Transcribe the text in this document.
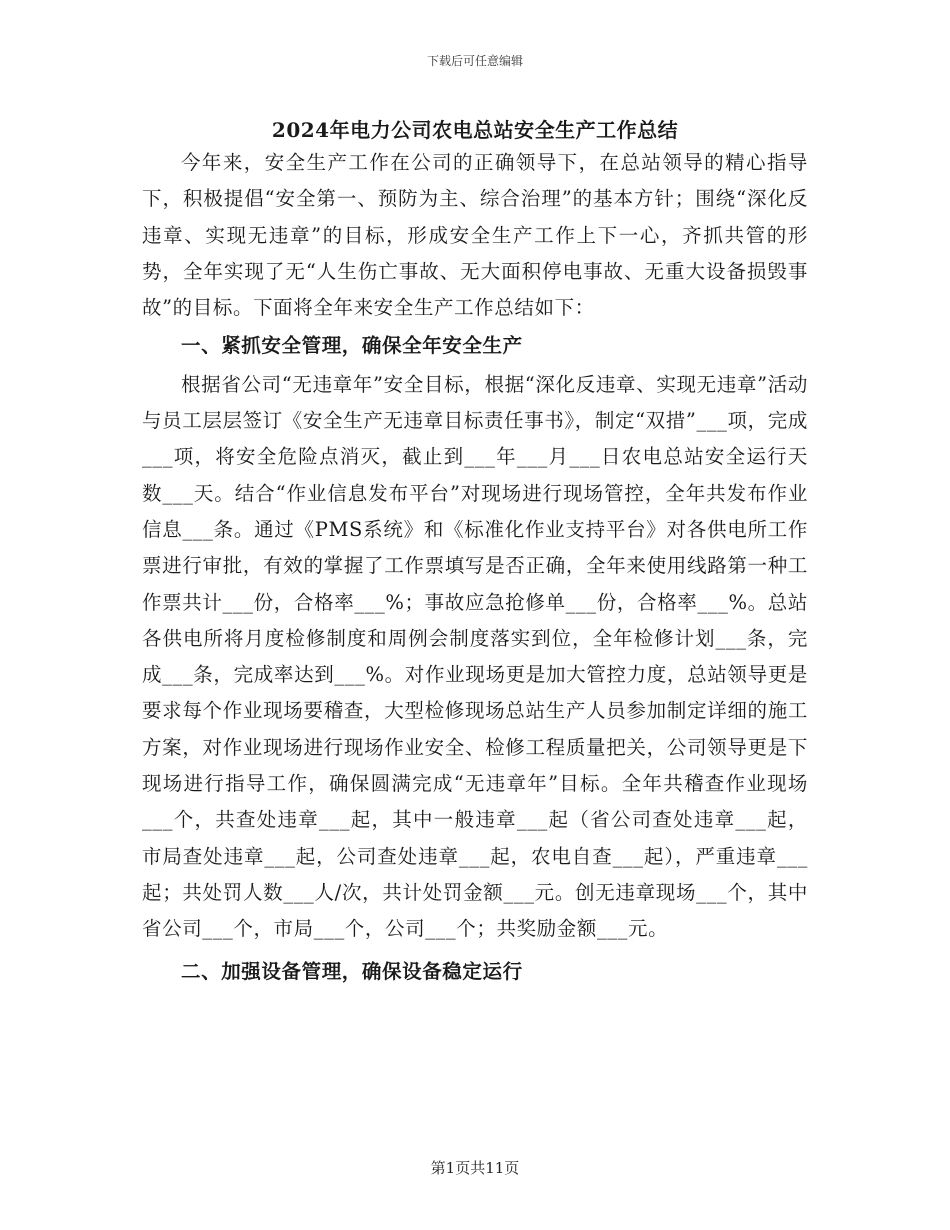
下载后可任意编辑
2024年电力公司农电总站安全生产工作总结

今年来，安全生产工作在公司的正确领导下，在总站领导的精心指导下，积极提倡“安全第一、预防为主、综合治理”的基本方针；围绕“深化反违章、实现无违章”的目标，形成安全生产工作上下一心，齐抓共管的形势，全年实现了无“人生伤亡事故、无大面积停电事故、无重大设备损毁事故”的目标。下面将全年来安全生产工作总结如下：

一、紧抓安全管理，确保全年安全生产

根据省公司“无违章年”安全目标，根据“深化反违章、实现无违章”活动与员工层层签订《安全生产无违章目标责任事书》，制定“双措”___项，完成___项，将安全危险点消灭，截止到___年___月___日农电总站安全运行天数___天。结合“作业信息发布平台”对现场进行现场管控，全年共发布作业信息___条。通过《PMS系统》和《标准化作业支持平台》对各供电所工作票进行审批，有效的掌握了工作票填写是否正确，全年来使用线路第一种工作票共计___份，合格率___%；事故应急抢修单___份，合格率___%。总站各供电所将月度检修制度和周例会制度落实到位，全年检修计划___条，完成___条，完成率达到___%。对作业现场更是加大管控力度，总站领导更是要求每个作业现场要稽查，大型检修现场总站生产人员参加制定详细的施工方案，对作业现场进行现场作业安全、检修工程质量把关，公司领导更是下现场进行指导工作，确保圆满完成“无违章年”目标。全年共稽查作业现场___个，共查处违章___起，其中一般违章___起（省公司查处违章___起，市局查处违章___起，公司查处违章___起，农电自查___起），严重违章___起；共处罚人数___人/次，共计处罚金额___元。创无违章现场___个，其中省公司___个，市局___个，公司___个；共奖励金额___元。

二、加强设备管理，确保设备稳定运行

第1页共11页
